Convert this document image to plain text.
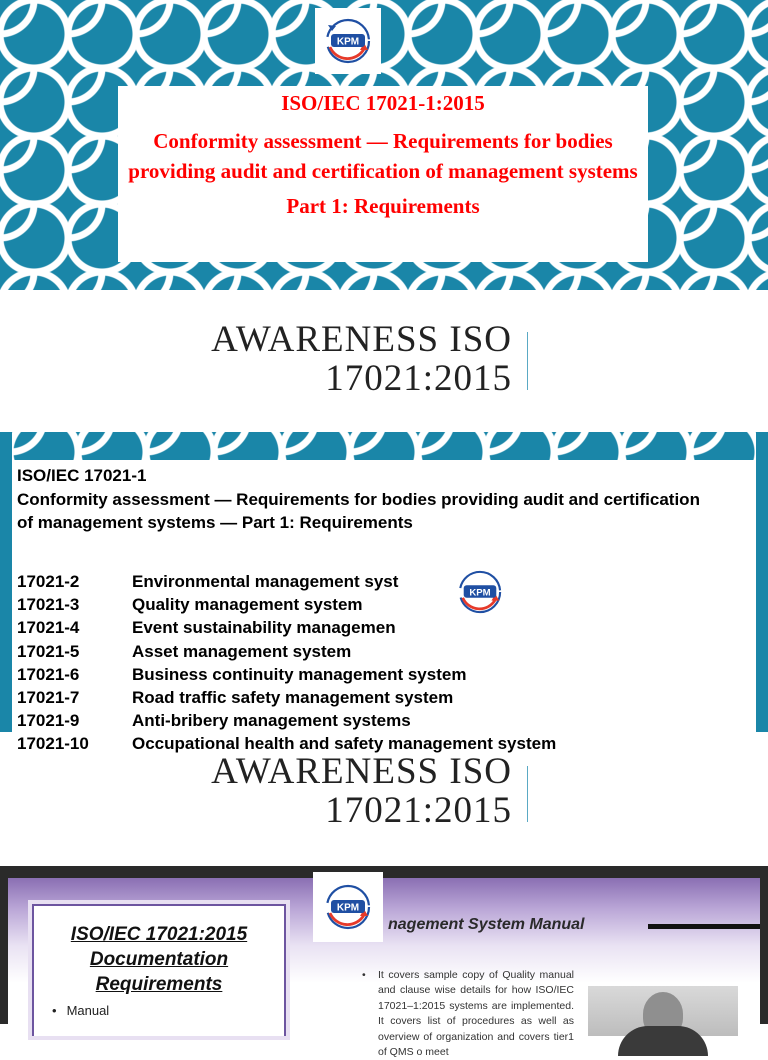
KPM
ISO/IEC 17021-1:2015
Conformity assessment — Requirements for bodies providing audit and certification of management systems
Part 1: Requirements
AWARENESS ISO
17021:2015
ISO/IEC 17021-1
Conformity assessment — Requirements for bodies providing audit and certification of management systems — Part 1: Requirements
17021-2	Environmental management syst
17021-3	Quality management system
17021-4	Event sustainability managemen
17021-5	Asset management system
17021-6	Business continuity management system
17021-7	Road traffic safety management system
17021-9	Anti-bribery management systems
17021-10	Occupational health and safety management system
KPM
AWARENESS ISO
17021:2015
ISO/IEC 17021:2015
Documentation
Requirements
• Manual
nagement System Manual
• It covers sample copy of Quality manual and clause wise details for how ISO/IEC 17021–1:2015 systems are implemented. It covers list of procedures as well as overview of organization and covers tier1 of QMS o meet
KPM
